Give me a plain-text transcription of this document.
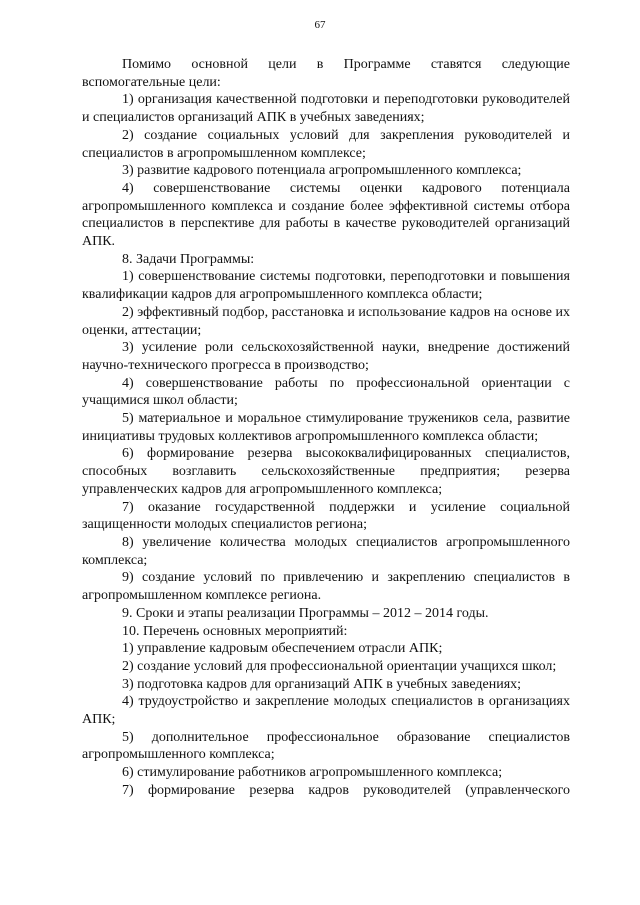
67

Помимо основной цели в Программе ставятся следующие вспомогательные цели:

1) организация качественной подготовки и переподготовки руководителей и специалистов организаций АПК в учебных заведениях;

2) создание социальных условий для закрепления руководителей и специалистов в агропромышленном комплексе;

3) развитие кадрового потенциала агропромышленного комплекса;

4) совершенствование системы оценки кадрового потенциала агропромышленного комплекса и создание более эффективной системы отбора специалистов в перспективе для работы в качестве руководителей организаций АПК.

8. Задачи Программы:

1) совершенствование системы подготовки, переподготовки и повышения квалификации кадров для агропромышленного комплекса области;

2) эффективный подбор, расстановка и использование кадров на основе их оценки, аттестации;

3) усиление роли сельскохозяйственной науки, внедрение достижений научно-технического прогресса в производство;

4) совершенствование работы по профессиональной ориентации с учащимися школ области;

5) материальное и моральное стимулирование тружеников села, развитие инициативы трудовых коллективов агропромышленного комплекса области;

6) формирование резерва высококвалифицированных специалистов, способных возглавить сельскохозяйственные предприятия; резерва управленческих кадров для агропромышленного комплекса;

7) оказание государственной поддержки и усиление социальной защищенности молодых специалистов региона;

8) увеличение количества молодых специалистов агропромышленного комплекса;

9) создание условий по привлечению и закреплению специалистов в агропромышленном комплексе региона.

9. Сроки и этапы реализации Программы – 2012 – 2014 годы.

10. Перечень основных мероприятий:

1) управление кадровым обеспечением отрасли АПК;

2) создание условий для профессиональной ориентации учащихся школ;

3) подготовка кадров для организаций АПК в учебных заведениях;

4) трудоустройство и закрепление молодых специалистов в организациях АПК;

5) дополнительное профессиональное образование специалистов агропромышленного комплекса;

6) стимулирование работников агропромышленного комплекса;

7) формирование резерва кадров руководителей (управленческого
